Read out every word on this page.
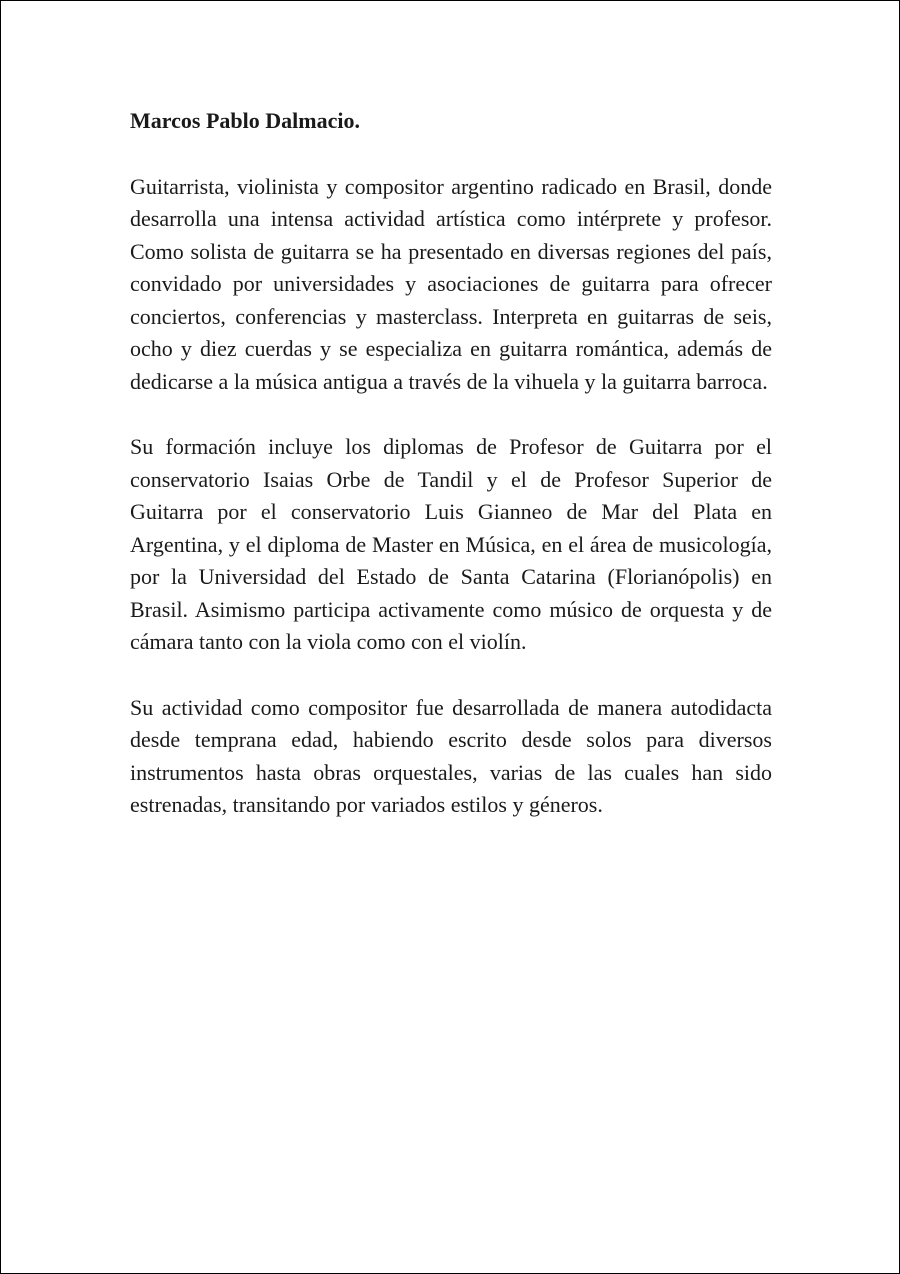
Marcos Pablo Dalmacio.

Guitarrista, violinista y compositor argentino radicado en Brasil, donde desarrolla una intensa actividad artística como intérprete y profesor. Como solista de guitarra se ha presentado en diversas regiones del país, convidado por universidades y asociaciones de guitarra para ofrecer conciertos, conferencias y masterclass. Interpreta en guitarras de seis, ocho y diez cuerdas y se especializa en guitarra romántica, además de dedicarse a la música antigua a través de la vihuela y la guitarra barroca.

Su formación incluye los diplomas de Profesor de Guitarra por el conservatorio Isaias Orbe de Tandil y el de Profesor Superior de Guitarra por el conservatorio Luis Gianneo de Mar del Plata en Argentina, y el diploma de Master en Música, en el área de musicología, por la Universidad del Estado de Santa Catarina (Florianópolis) en Brasil. Asimismo participa activamente como músico de orquesta y de cámara tanto con la viola como con el violín.

Su actividad como compositor fue desarrollada de manera autodidacta desde temprana edad, habiendo escrito desde solos para diversos instrumentos hasta obras orquestales, varias de las cuales han sido estrenadas, transitando por variados estilos y géneros.
